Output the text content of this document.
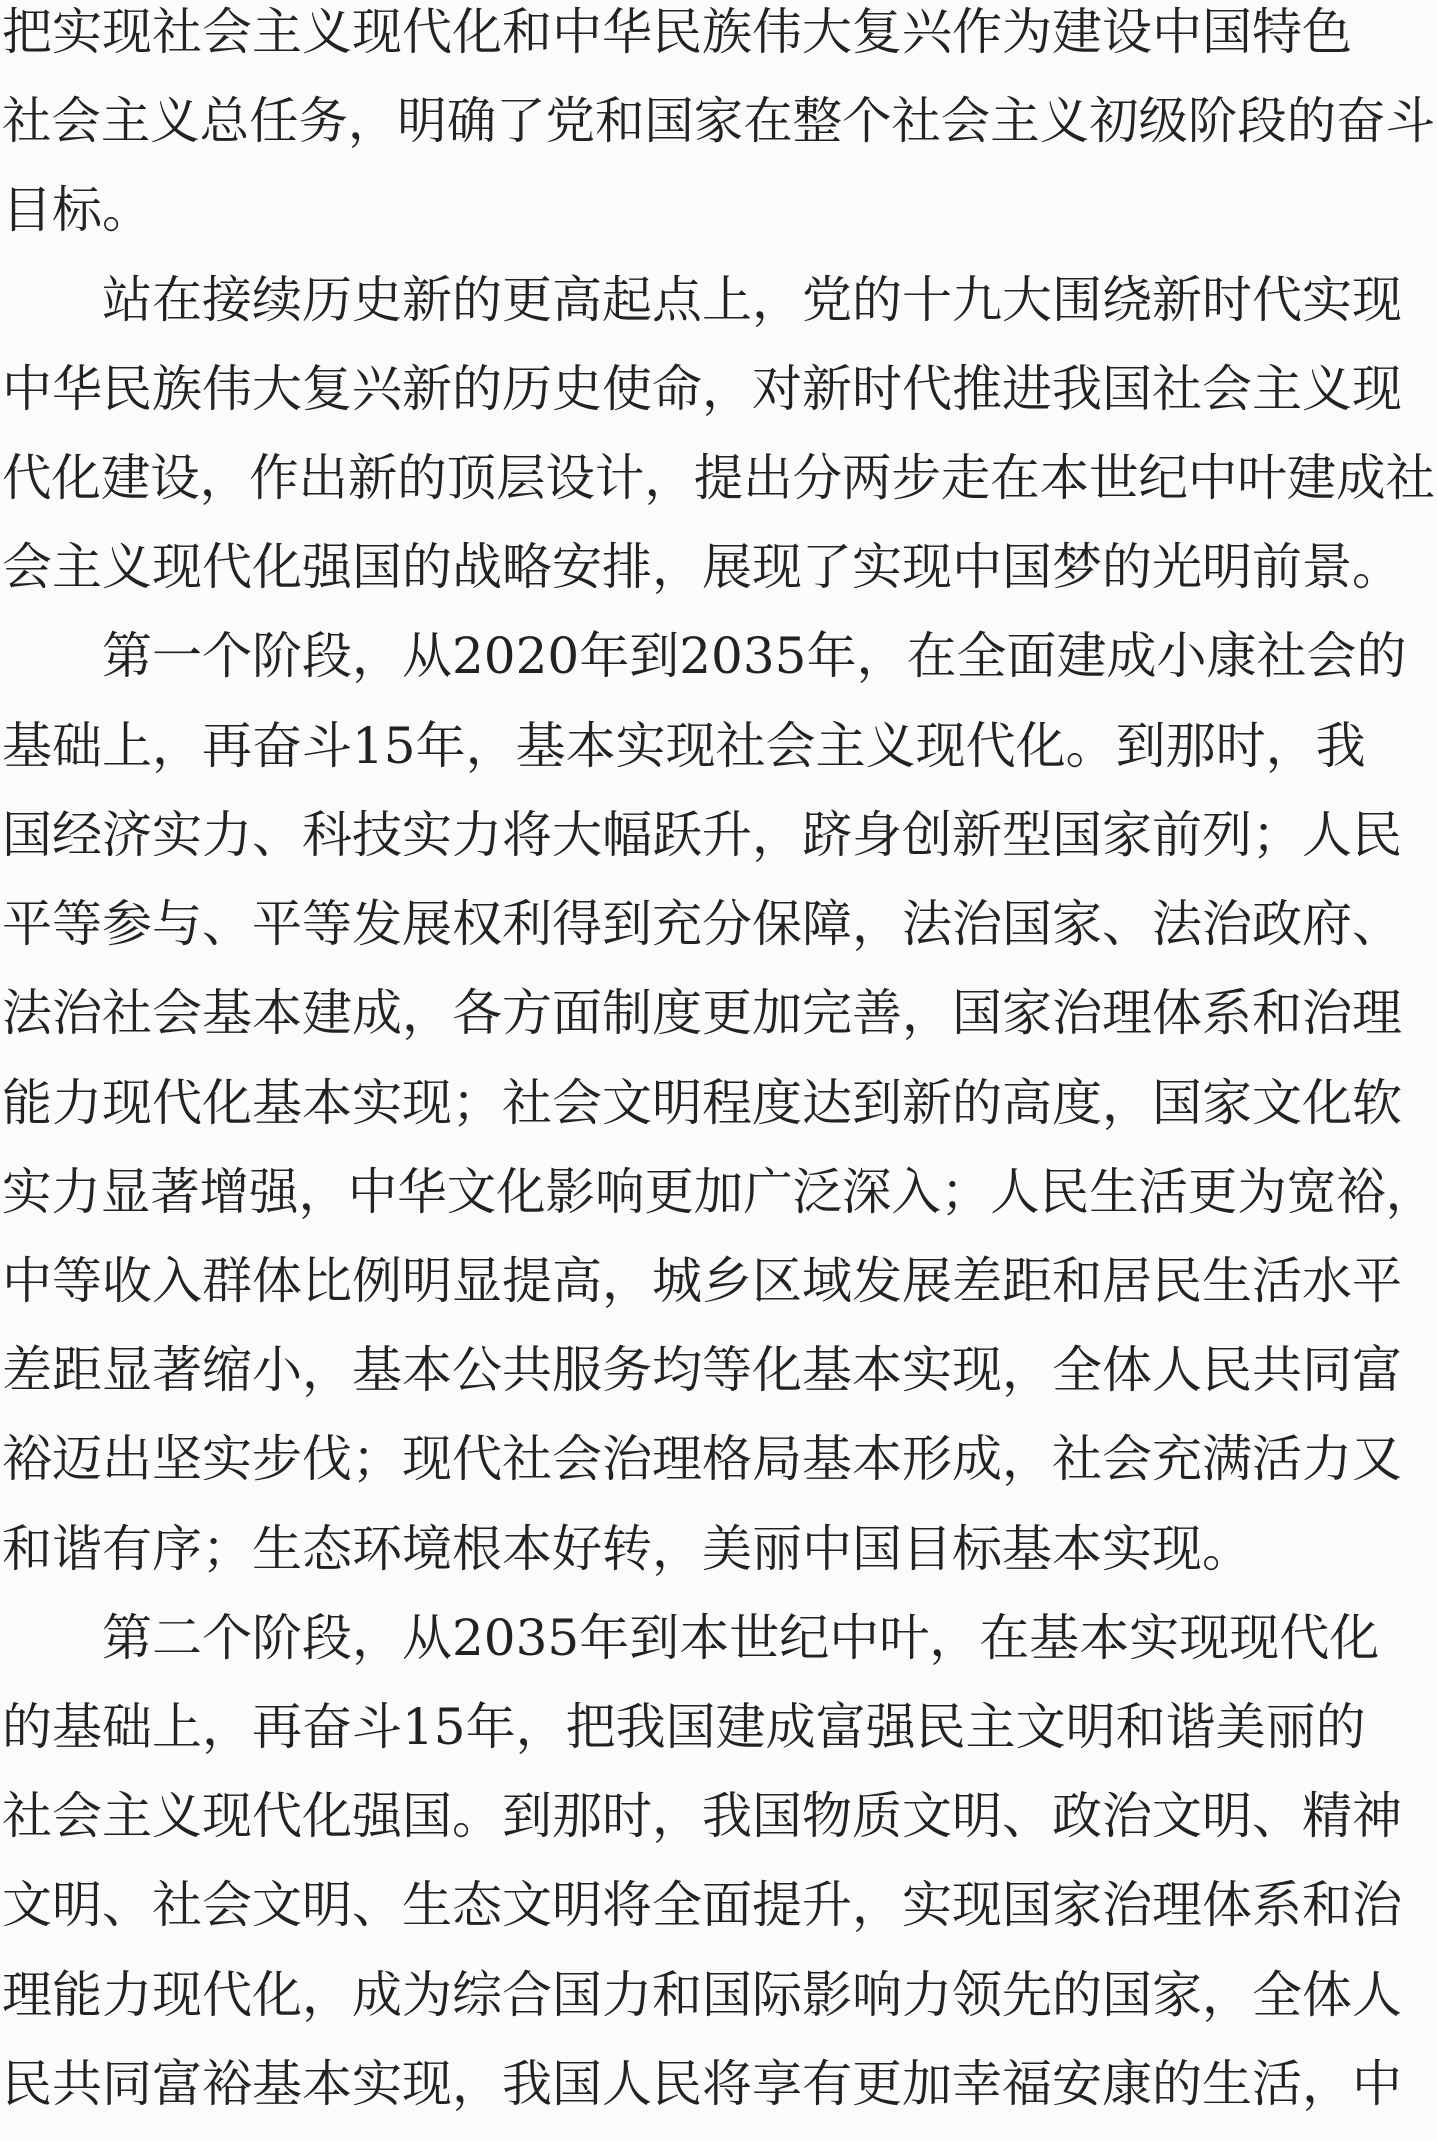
把实现社会主义现代化和中华民族伟大复兴作为建设中国特色
社会主义总任务，明确了党和国家在整个社会主义初级阶段的奋斗
目标。
站在接续历史新的更高起点上，党的十九大围绕新时代实现
中华民族伟大复兴新的历史使命，对新时代推进我国社会主义现
代化建设，作出新的顶层设计，提出分两步走在本世纪中叶建成社
会主义现代化强国的战略安排，展现了实现中国梦的光明前景。
第一个阶段，从2020年到2035年，在全面建成小康社会的
基础上，再奋斗15年，基本实现社会主义现代化。到那时，我
国经济实力、科技实力将大幅跃升，跻身创新型国家前列；人民
平等参与、平等发展权利得到充分保障，法治国家、法治政府、
法治社会基本建成，各方面制度更加完善，国家治理体系和治理
能力现代化基本实现；社会文明程度达到新的高度，国家文化软
实力显著增强，中华文化影响更加广泛深入；人民生活更为宽裕，
中等收入群体比例明显提高，城乡区域发展差距和居民生活水平
差距显著缩小，基本公共服务均等化基本实现，全体人民共同富
裕迈出坚实步伐；现代社会治理格局基本形成，社会充满活力又
和谐有序；生态环境根本好转，美丽中国目标基本实现。
第二个阶段，从2035年到本世纪中叶，在基本实现现代化
的基础上，再奋斗15年，把我国建成富强民主文明和谐美丽的
社会主义现代化强国。到那时，我国物质文明、政治文明、精神
文明、社会文明、生态文明将全面提升，实现国家治理体系和治
理能力现代化，成为综合国力和国际影响力领先的国家，全体人
民共同富裕基本实现，我国人民将享有更加幸福安康的生活，中
